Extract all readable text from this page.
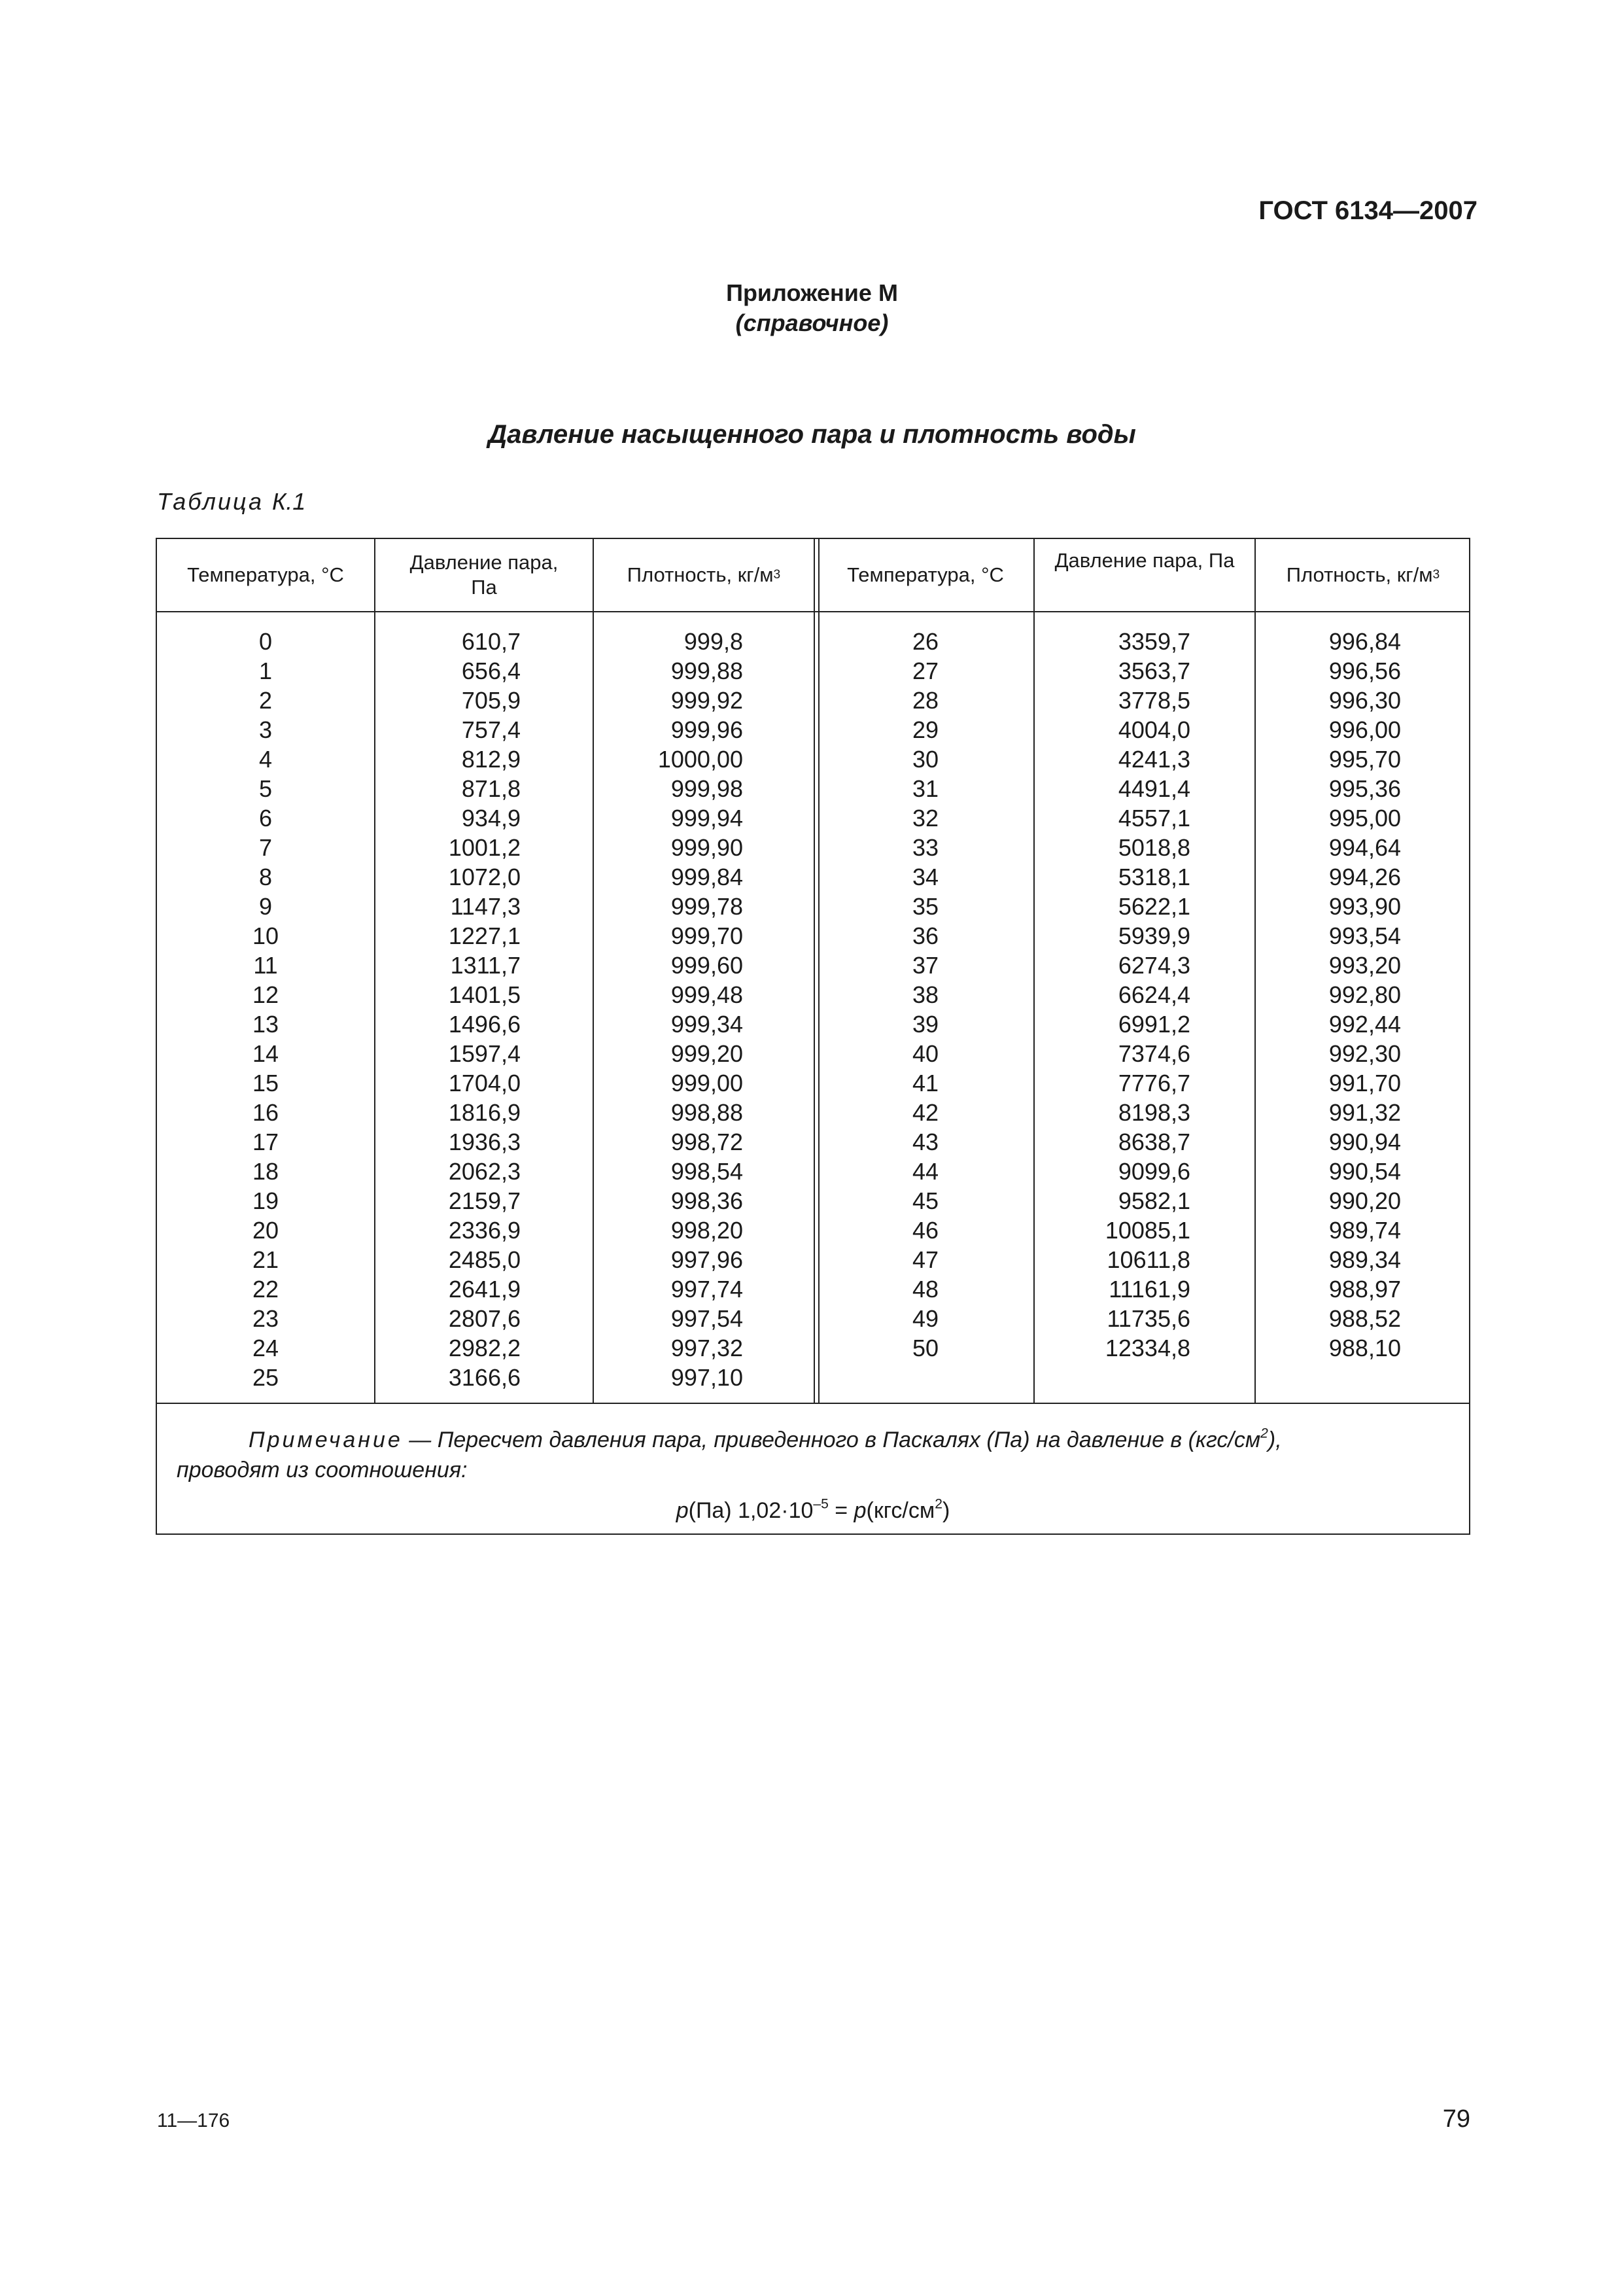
ГОСТ 6134—2007
Приложение М
(справочное)
Давление насыщенного пара и плотность воды
Таблица К.1
Температура, °С
Давление пара, Па
Плотность, кг/м 3	Температура, °С
Давление пара, Па
Плотность, кг/м 3
0
1
2
3
4
5
6
7
8
9
10
11
12
13
14
15
16
17
18
19
20
21
22
23
24
25
610,7
656,4
705,9
757,4
812,9
871,8
934,9
1001,2
1072,0
1147,3
1227,1
1311,7
1401,5
1496,6
1597,4
1704,0
1816,9
1936,3
2062,3
2159,7
2336,9
2485,0
2641,9
2807,6
2982,2
3166,6
999,8
999,88
999,92
999,96
1000,00
999,98
999,94
999,90
999,84
999,78
999,70
999,60
999,48
999,34
999,20
999,00
998,88
998,72
998,54
998,36
998,20
997,96
997,74
997,54
997,32
997,10
26
27
28
29
30
31
32
33
34
35
36
37
38
39
40
41
42
43
44
45
46
47
48
49
50
3359,7
3563,7
3778,5
4004,0
4241,3
4491,4
4557,1
5018,8
5318,1
5622,1
5939,9
6274,3
6624,4
6991,2
7374,6
7776,7
8198,3
8638,7
9099,6
9582,1
10085,1
10611,8
11161,9
11735,6
12334,8
996,84
996,56
996,30
996,00
995,70
995,36
995,00
994,64
994,26
993,90
993,54
993,20
992,80
992,44
992,30
991,70
991,32
990,94
990,54
990,20
989,74
989,34
988,97
988,52
988,10
Примечание — Пересчет давления пара, приведенного в Паскалях (Па) на давление в $(кгс/см^2)$,
проводят из соотношения:
р(Па) $1,02\cdot 10^{-5} = р(кгс/см^2)$
11—176	79
